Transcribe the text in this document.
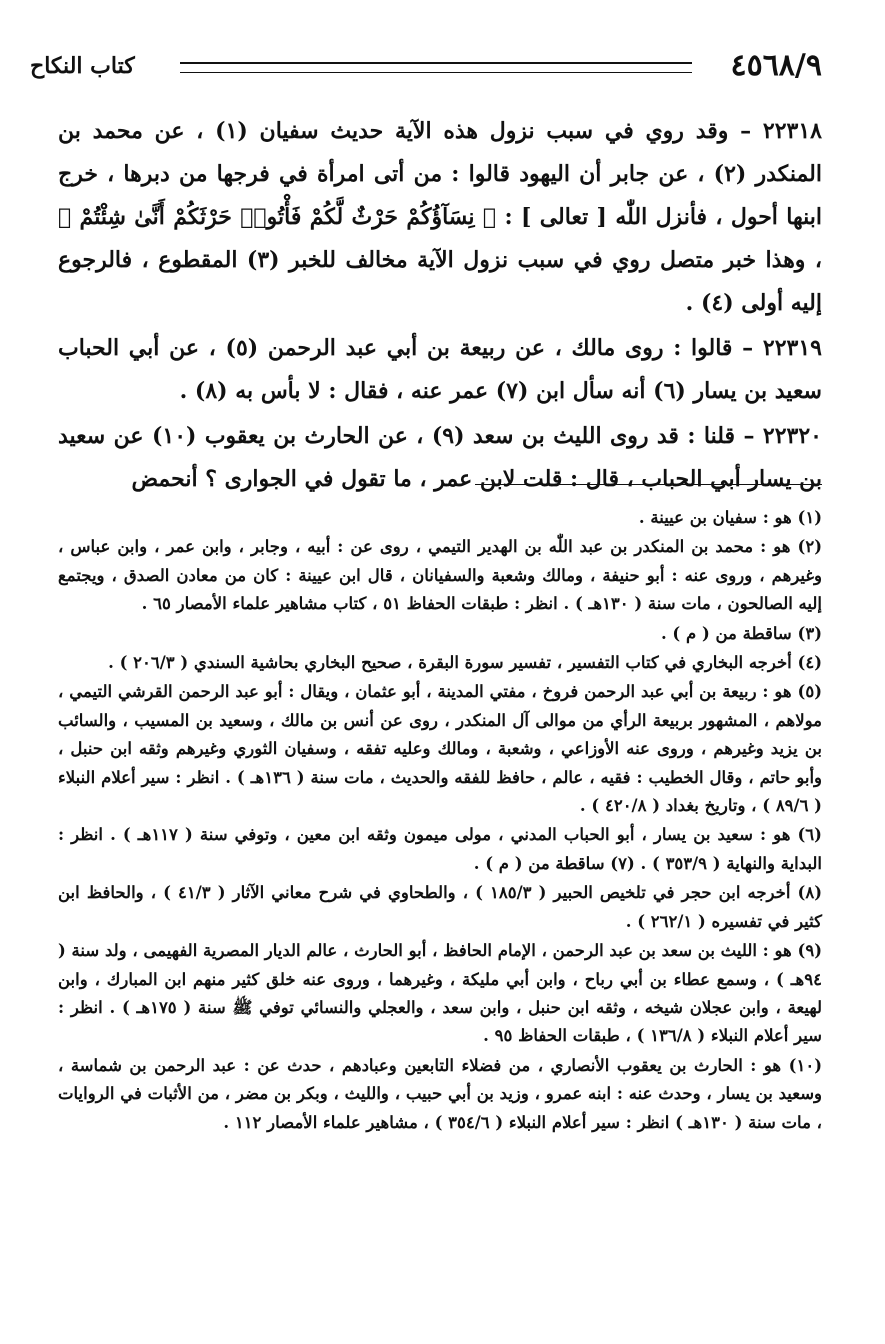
٤٥٦٨/٩
كتاب النكاح

٢٢٣١٨ – وقد روي في سبب نزول هذه الآية حديث سفيان (١) ، عن محمد بن المنكدر (٢) ، عن جابر أن اليهود قالوا : من أتى امرأة في فرجها من دبرها ، خرج ابنها أحول ، فأنزل اللّٰه [ تعالى ] : ﴿ نِسَآؤُكُمْ حَرْثٌ لَّكُمْ فَأْتُوا۟ حَرْثَكُمْ أَنَّىٰ شِئْتُمْ ﴾ ، وهذا خبر متصل روي في سبب نزول الآية مخالف للخبر (٣) المقطوع ، فالرجوع إليه أولى (٤) .

٢٢٣١٩ – قالوا : روى مالك ، عن ربيعة بن أبي عبد الرحمن (٥) ، عن أبي الحباب سعيد بن يسار (٦) أنه سأل ابن (٧) عمر عنه ، فقال : لا بأس به (٨) .

٢٢٣٢٠ – قلنا : قد روى الليث بن سعد (٩) ، عن الحارث بن يعقوب (١٠) عن سعيد بن يسار أبي الحباب ، قال : قلت لابن عمر ، ما تقول في الجوارى ؟ أنحمض

(١) هو : سفيان بن عيينة .
(٢) هو : محمد بن المنكدر بن عبد اللّٰه بن الهدير التيمي ، روى عن : أبيه ، وجابر ، وابن عمر ، وابن عباس ، وغيرهم ، وروى عنه : أبو حنيفة ، ومالك وشعبة والسفيانان ، قال ابن عيينة : كان من معادن الصدق ، ويجتمع إليه الصالحون ، مات سنة ( ١٣٠هـ ) . انظر : طبقات الحفاظ ٥١ ، كتاب مشاهير علماء الأمصار ٦٥ .
(٣) ساقطة من ( م ) .
(٤) أخرجه البخاري في كتاب التفسير ، تفسير سورة البقرة ، صحيح البخاري بحاشية السندي ( ٢٠٦/٣ ) .
(٥) هو : ربيعة بن أبي عبد الرحمن فروخ ، مفتي المدينة ، أبو عثمان ، ويقال : أبو عبد الرحمن القرشي التيمي ، مولاهم ، المشهور بربيعة الرأي من موالى آل المنكدر ، روى عن أنس بن مالك ، وسعيد بن المسيب ، والسائب بن يزيد وغيرهم ، وروى عنه الأوزاعي ، وشعبة ، ومالك وعليه تفقه ، وسفيان الثوري وغيرهم وثقه ابن حنبل ، وأبو حاتم ، وقال الخطيب : فقيه ، عالم ، حافظ للفقه والحديث ، مات سنة ( ١٣٦هـ ) . انظر : سير أعلام النبلاء ( ٨٩/٦ ) ، وتاريخ بغداد ( ٤٢٠/٨ ) .
(٦) هو : سعيد بن يسار ، أبو الحباب المدني ، مولى ميمون وثقه ابن معين ، وتوفي سنة ( ١١٧هـ ) . انظر : البداية والنهاية ( ٣٥٣/٩ ) . (٧) ساقطة من ( م ) .
(٨) أخرجه ابن حجر في تلخيص الحبير ( ١٨٥/٣ ) ، والطحاوي في شرح معاني الآثار ( ٤١/٣ ) ، والحافظ ابن كثير في تفسيره ( ٢٦٢/١ ) .
(٩) هو : الليث بن سعد بن عبد الرحمن ، الإمام الحافظ ، أبو الحارث ، عالم الديار المصرية الفهيمى ، ولد سنة ( ٩٤هـ ) ، وسمع عطاء بن أبي رباح ، وابن أبي مليكة ، وغيرهما ، وروى عنه خلق كثير منهم ابن المبارك ، وابن لهيعة ، وابن عجلان شيخه ، وثقه ابن حنبل ، وابن سعد ، والعجلي والنسائي توفي ﷺ سنة ( ١٧٥هـ ) . انظر : سير أعلام النبلاء ( ١٣٦/٨ ) ، طبقات الحفاظ ٩٥ .
(١٠) هو : الحارث بن يعقوب الأنصاري ، من فضلاء التابعين وعبادهم ، حدث عن : عبد الرحمن بن شماسة ، وسعيد بن يسار ، وحدث عنه : ابنه عمرو ، وزيد بن أبي حبيب ، والليث ، وبكر بن مضر ، من الأثبات في الروايات ، مات سنة ( ١٣٠هـ ) انظر : سير أعلام النبلاء ( ٣٥٤/٦ ) ، مشاهير علماء الأمصار ١١٢ .
